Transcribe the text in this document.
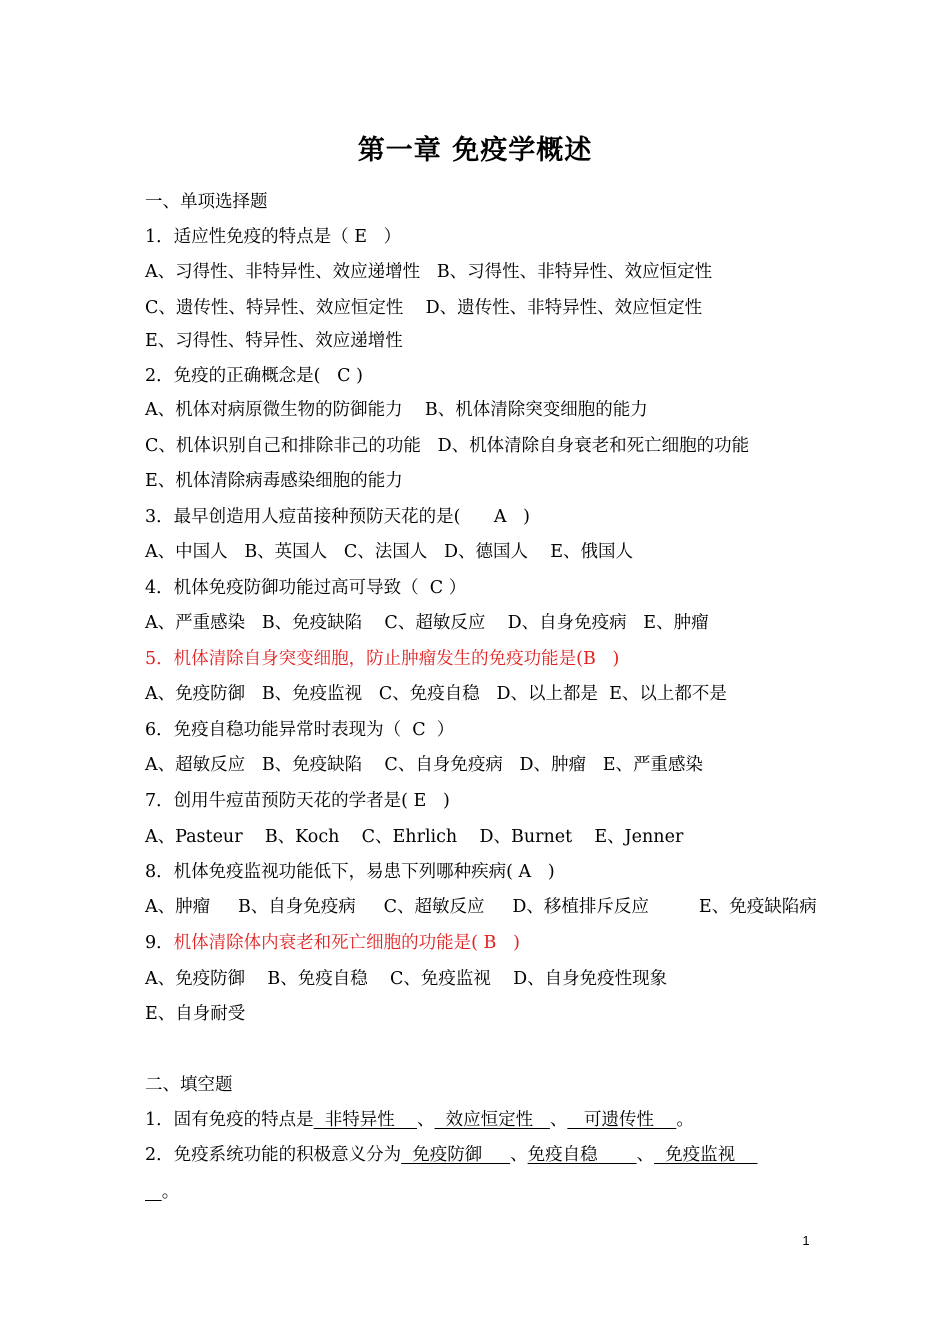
第一章 免疫学概述
一、单项选择题
1．适应性免疫的特点是（ E   ）
A、习得性、非特异性、效应递增性   B、习得性、非特异性、效应恒定性
C、遗传性、特异性、效应恒定性    D、遗传性、非特异性、效应恒定性
E、习得性、特异性、效应递增性
2．免疫的正确概念是(   C )
A、机体对病原微生物的防御能力    B、机体清除突变细胞的能力
C、机体识别自己和排除非己的功能   D、机体清除自身衰老和死亡细胞的功能
E、机体清除病毒感染细胞的能力
3．最早创造用人痘苗接种预防天花的是(      A   )
A、中国人   B、英国人   C、法国人   D、德国人    E、俄国人
4．机体免疫防御功能过高可导致（  C ）
A、严重感染   B、免疫缺陷    C、超敏反应    D、自身免疫病   E、肿瘤
5．机体清除自身突变细胞，防止肿瘤发生的免疫功能是(B   )
A、免疫防御   B、免疫监视   C、免疫自稳   D、以上都是  E、以上都不是
6．免疫自稳功能异常时表现为（  C  ）
A、超敏反应   B、免疫缺陷    C、自身免疫病   D、肿瘤   E、严重感染
7．创用牛痘苗预防天花的学者是( E   )
A、Pasteur    B、Koch    C、Ehrlich    D、Burnet    E、Jenner
8．机体免疫监视功能低下，易患下列哪种疾病( A   )
A、肿瘤     B、自身免疫病     C、超敏反应     D、移植排斥反应         E、免疫缺陷病
9．机体清除体内衰老和死亡细胞的功能是( B   )
A、免疫防御    B、免疫自稳    C、免疫监视    D、自身免疫性现象
E、自身耐受
二、填空题
1．固有免疫的特点是  非特异性    、  效应恒定性   、   可遗传性    。
2．免疫系统功能的积极意义分为  免疫防御     、免疫自稳       、  免疫监视
。
1
